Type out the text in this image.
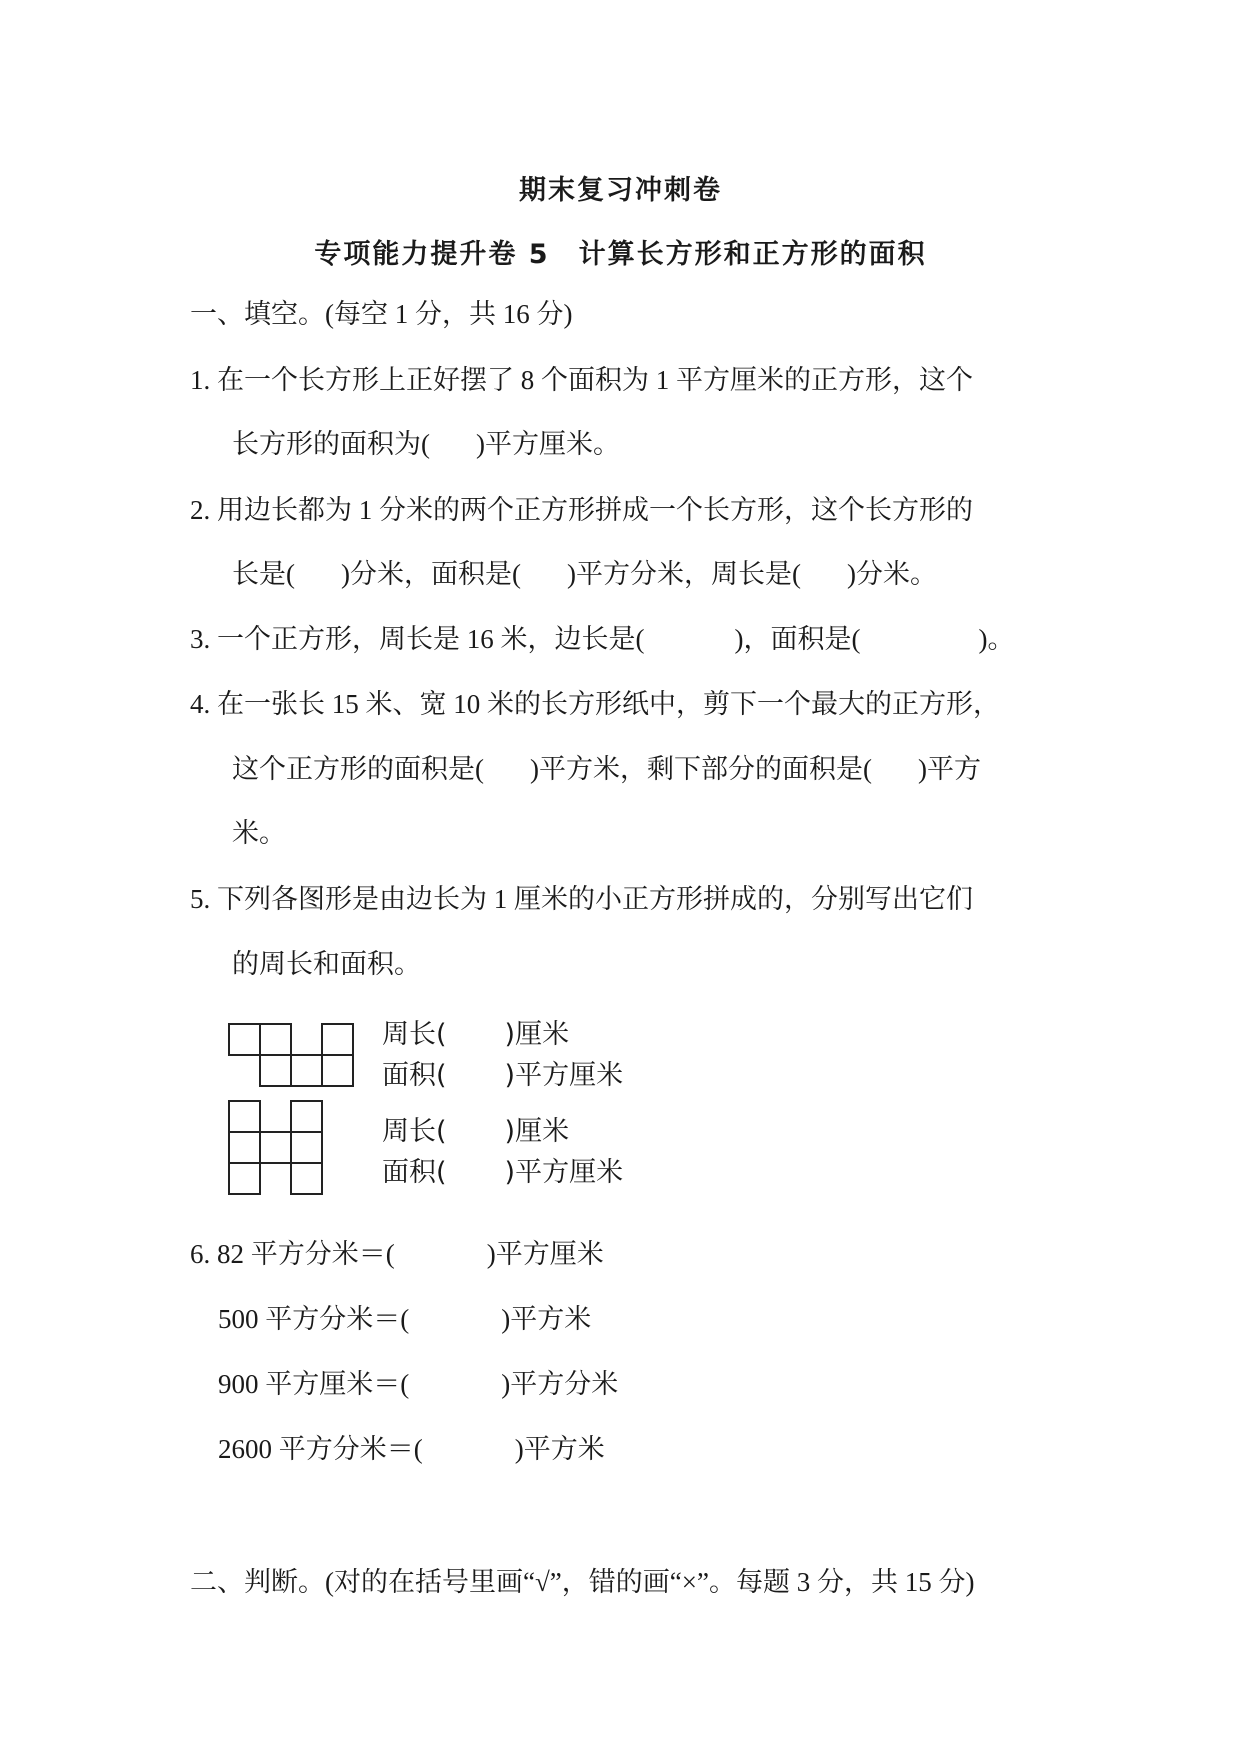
期末复习冲刺卷
专项能力提升卷 5　计算长方形和正方形的面积
一、填空。(每空 1 分，共 16 分)
1. 在一个长方形上正好摆了 8 个面积为 1 平方厘米的正方形，这个
长方形的面积为( )平方厘米。
2. 用边长都为 1 分米的两个正方形拼成一个长方形，这个长方形的
长是( )分米，面积是( )平方分米，周长是( )分米。
3. 一个正方形，周长是 16 米，边长是(	)，面积是(	)。
4. 在一张长 15 米、宽 10 米的长方形纸中，剪下一个最大的正方形，
这个正方形的面积是( )平方米，剩下部分的面积是( )平方
米。
5. 下列各图形是由边长为 1 厘米的小正方形拼成的，分别写出它们
的周长和面积。
周长( )厘米
面积( )平方厘米
周长( )厘米
面积( )平方厘米
6. 82 平方分米＝(	)平方厘米
500 平方分米＝(	)平方米
900 平方厘米＝(	)平方分米
2600 平方分米＝(	)平方米
二、判断。(对的在括号里画“√”，错的画“×”。每题 3 分，共 15 分)
